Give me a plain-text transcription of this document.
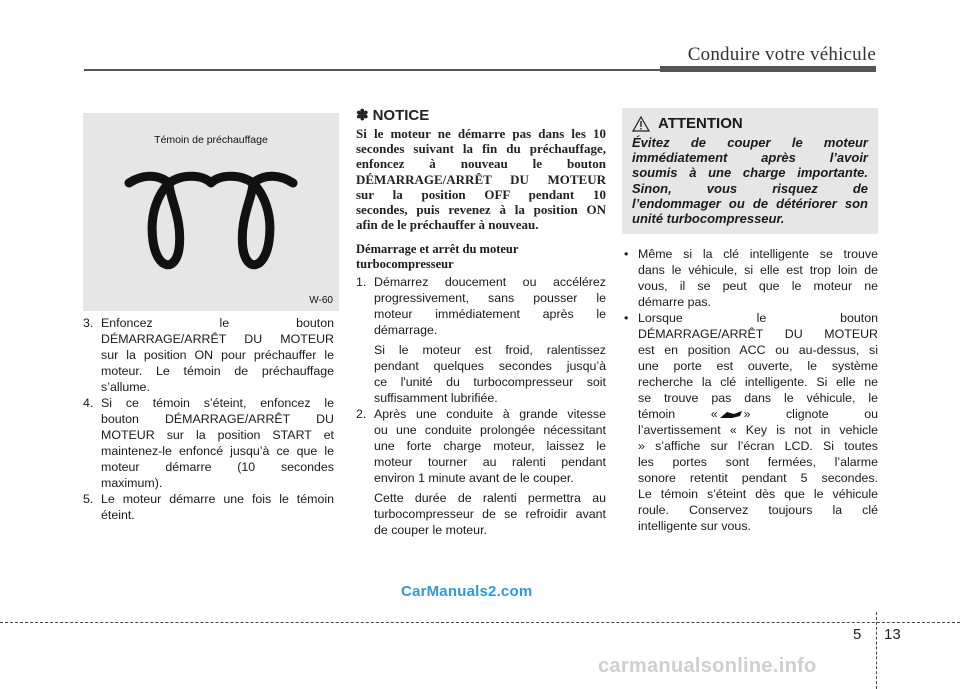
Conduire votre véhicule
Témoin de préchauffage
W-60
3. Enfoncez le bouton

DÉMARRAGE/ARRÊT DU MOTEUR

sur la position ON pour préchauffer le

moteur. Le témoin de préchauffage

s’allume.

4. Si ce témoin s’éteint, enfoncez le

bouton DÉMARRAGE/ARRÊT DU

MOTEUR sur la position START et

maintenez-le enfoncé jusqu’à ce que le

moteur démarre (10 secondes

maximum).

5. Le moteur démarre une fois le témoin

éteint.

✽ NOTICE

Si le moteur ne démarre pas dans les 10

secondes suivant la fin du préchauffage,

enfoncez à nouveau le bouton

DÉMARRAGE/ARRÊT DU MOTEUR

sur la position OFF pendant 10

secondes, puis revenez à la position ON

afin de le préchauffer à nouveau.

Démarrage et arrêt du moteur
turbocompresseur
1. Démarrez doucement ou accélérez

progressivement, sans pousser le

moteur immédiatement après le

démarrage.

Si le moteur est froid, ralentissez

pendant quelques secondes jusqu’à

ce l'unité du turbocompresseur soit

suffisamment lubrifiée.

2. Après une conduite à grande vitesse

ou une conduite prolongée nécessitant

une forte charge moteur, laissez le

moteur tourner au ralenti pendant

environ 1 minute avant de le couper.

Cette durée de ralenti permettra au

turbocompresseur de se refroidir avant

de couper le moteur.

ATTENTION

Évitez de couper le moteur

immédiatement après l’avoir

soumis à une charge importante.

Sinon, vous risquez de

l’endommager ou de détériorer son

unité turbocompresseur.

• Même si la clé intelligente se trouve

dans le véhicule, si elle est trop loin de

vous, il se peut que le moteur ne

démarre pas.

• Lorsque le bouton

DÉMARRAGE/ARRÊT DU MOTEUR

est en position ACC ou au-dessus, si

une porte est ouverte, le système

recherche la clé intelligente. Si elle ne

se trouve pas dans le véhicule, le

témoin « » clignote ou

l’avertissement « Key is not in vehicle

» s’affiche sur l’écran LCD. Si toutes

les portes sont fermées, l’alarme

sonore retentit pendant 5 secondes.

Le témoin s’éteint dès que le véhicule

roule. Conservez toujours la clé

intelligente sur vous.

5 13
CarManuals2.com
carmanualsonline.info
